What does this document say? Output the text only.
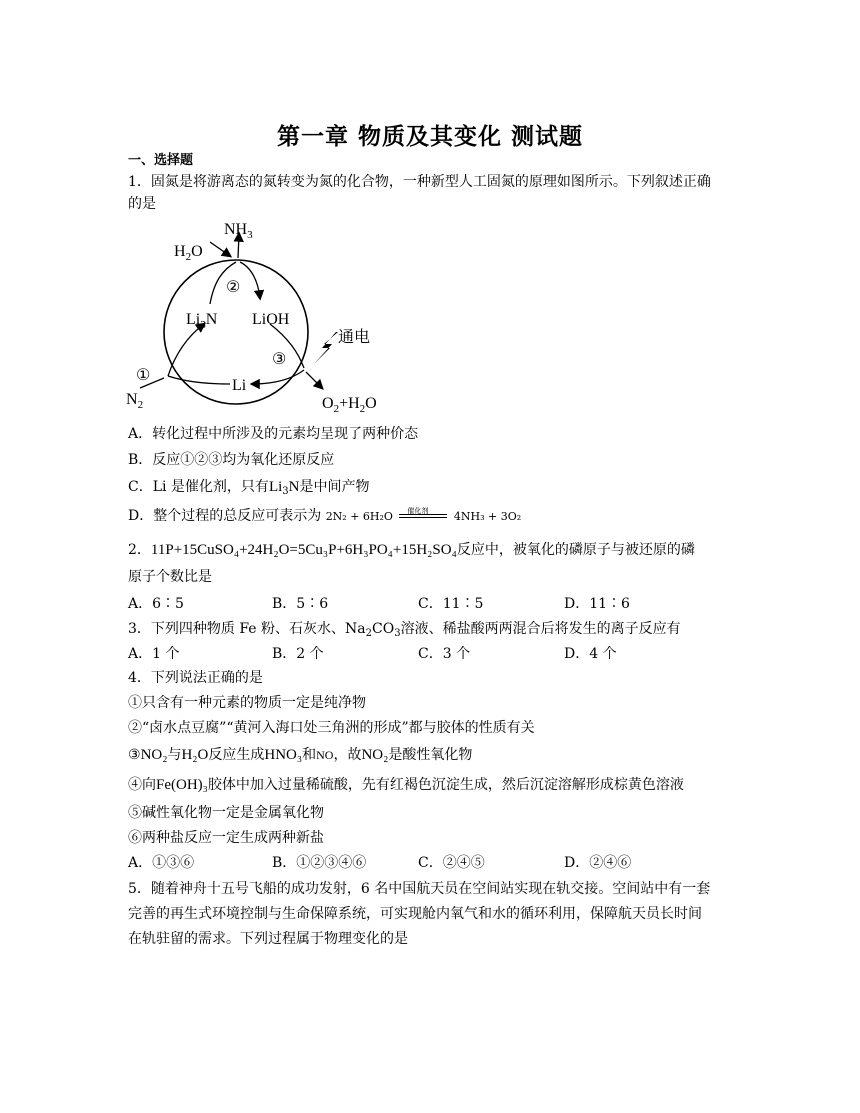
第一章 物质及其变化 测试题
一、选择题
1．固氮是将游离态的氮转变为氮的化合物，一种新型人工固氮的原理如图所示。下列叙述正确
的是
$NH_3$
$H_2O$
②
$Li_3N$ LiOH
通电
③
①
Li
$N_2$	$O_2+H_2O$
A．转化过程中所涉及的元素均呈现了两种价态
B．反应①②③均为氧化还原反应
C．Li 是催化剂，只有$Li_3N$是中间产物
D．整个过程的总反应可表示为 2N₂ + 6H₂O 催化剂 4NH₃ + 3O₂
2．11P+15CuSO₄+24H₂O=5Cu₃P+6H₃PO₄+15H₂SO₄反应中，被氧化的磷原子与被还原的磷
原子个数比是
A．6∶5	B．5∶6	C．11∶5	D．11∶6
3．下列四种物质 Fe 粉、石灰水、$Na_2CO_3$溶液、稀盐酸两两混合后将发生的离子反应有
A．1 个	B．2 个	C．3 个	D．4 个
4．下列说法正确的是
①只含有一种元素的物质一定是纯净物
②“卤水点豆腐”“黄河入海口处三角洲的形成”都与胶体的性质有关
③NO₂与H₂O反应生成HNO₃和NO，故NO₂是酸性氧化物
④向Fe(OH)₃胶体中加入过量稀硫酸，先有红褐色沉淀生成，然后沉淀溶解形成棕黄色溶液
⑤碱性氧化物一定是金属氧化物
⑥两种盐反应一定生成两种新盐
A．①③⑥	B．①②③④⑥	C．②④⑤	D．②④⑥
5．随着神舟十五号飞船的成功发射，6 名中国航天员在空间站实现在轨交接。空间站中有一套
完善的再生式环境控制与生命保障系统，可实现舱内氧气和水的循环利用，保障航天员长时间
在轨驻留的需求。下列过程属于物理变化的是
